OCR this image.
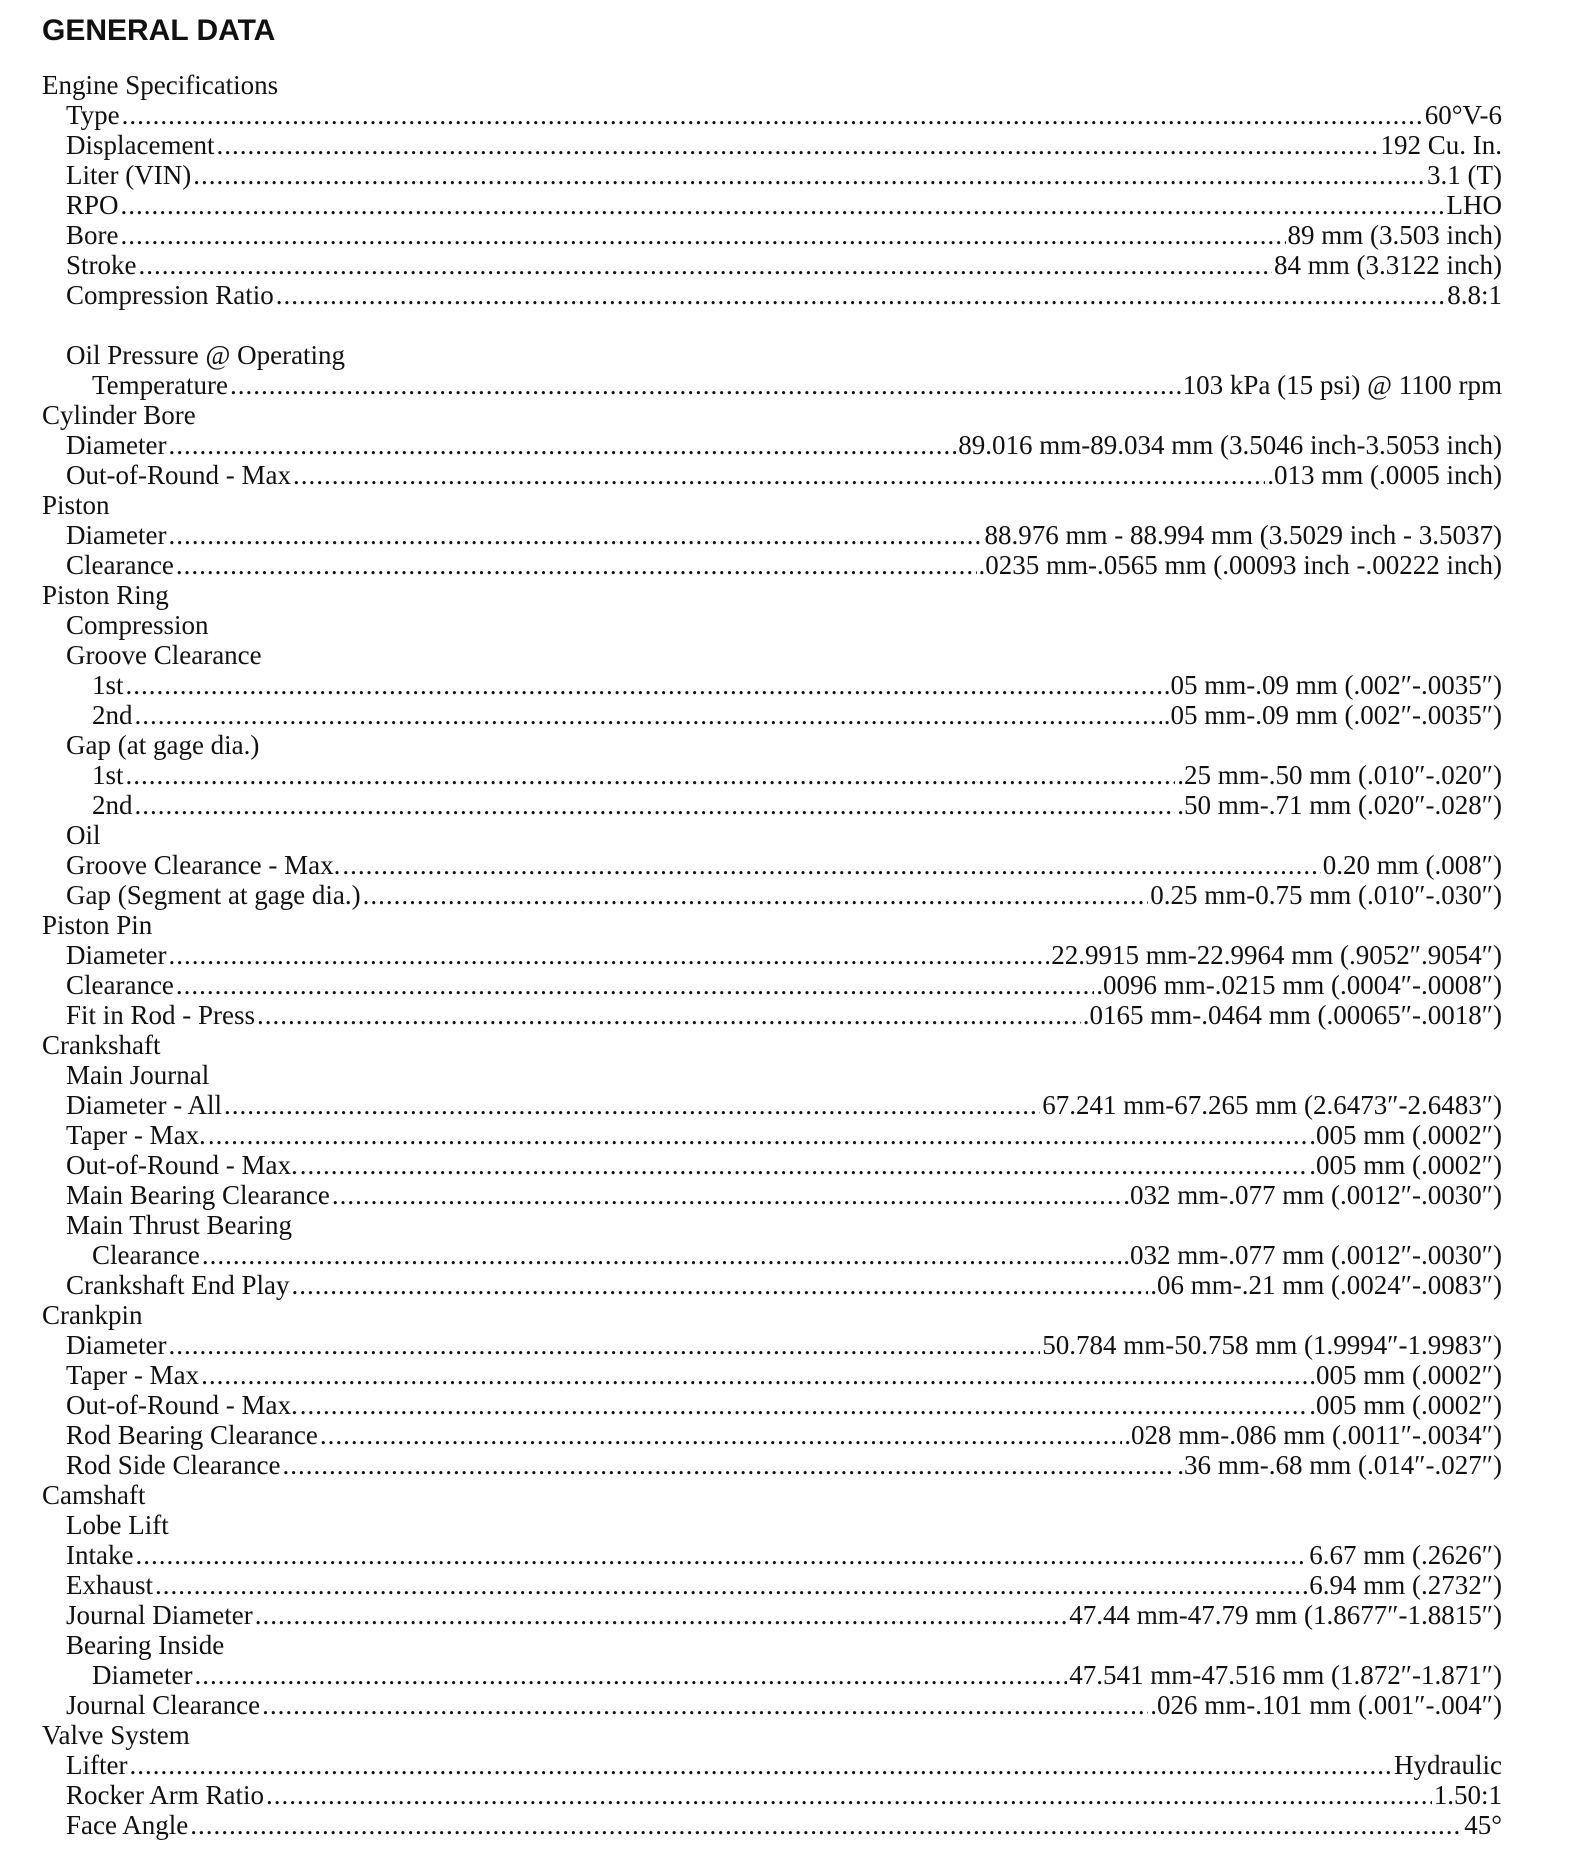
GENERAL DATA
Engine Specifications
Type .....	60°V-6
Displacement .....	192 Cu. In.
Liter (VIN) .....	3.1 (T)
RPO .....	LHO
Bore .....	89 mm (3.503 inch)
Stroke .....	84 mm (3.3122 inch)
Compression Ratio .....	8.8:1
Oil Pressure @ Operating
Temperature .....	103 kPa (15 psi) @ 1100 rpm
Cylinder Bore
Diameter .....	89.016 mm-89.034 mm (3.5046 inch-3.5053 inch)
Out-of-Round - Max .....	.013 mm (.0005 inch)
Piston
Diameter .....	88.976 mm - 88.994 mm (3.5029 inch - 3.5037)
Clearance .....	.0235 mm-.0565 mm (.00093 inch -.00222 inch)
Piston Ring
Compression
Groove Clearance
1st .....	.05 mm-.09 mm (.002″-.0035″)
2nd .....	.05 mm-.09 mm (.002″-.0035″)
Gap (at gage dia.)
1st .....	.25 mm-.50 mm (.010″-.020″)
2nd .....	.50 mm-.71 mm (.020″-.028″)
Oil
Groove Clearance - Max. .....	0.20 mm (.008″)
Gap (Segment at gage dia.) .....	0.25 mm-0.75 mm (.010″-.030″)
Piston Pin
Diameter .....	22.9915 mm-22.9964 mm (.9052″.9054″)
Clearance .....	.0096 mm-.0215 mm (.0004″-.0008″)
Fit in Rod - Press .....	.0165 mm-.0464 mm (.00065″-.0018″)
Crankshaft
Main Journal
Diameter - All .....	67.241 mm-67.265 mm (2.6473″-2.6483″)
Taper - Max. .....	.005 mm (.0002″)
Out-of-Round - Max. .....	.005 mm (.0002″)
Main Bearing Clearance .....	.032 mm-.077 mm (.0012″-.0030″)
Main Thrust Bearing
Clearance .....	.032 mm-.077 mm (.0012″-.0030″)
Crankshaft End Play .....	.06 mm-.21 mm (.0024″-.0083″)
Crankpin
Diameter .....	50.784 mm-50.758 mm (1.9994″-1.9983″)
Taper - Max .....	.005 mm (.0002″)
Out-of-Round - Max. .....	.005 mm (.0002″)
Rod Bearing Clearance .....	.028 mm-.086 mm (.0011″-.0034″)
Rod Side Clearance .....	.36 mm-.68 mm (.014″-.027″)
Camshaft
Lobe Lift
Intake .....	6.67 mm (.2626″)
Exhaust .....	6.94 mm (.2732″)
Journal Diameter .....	47.44 mm-47.79 mm (1.8677″-1.8815″)
Bearing Inside
Diameter .....	47.541 mm-47.516 mm (1.872″-1.871″)
Journal Clearance .....	.026 mm-.101 mm (.001″-.004″)
Valve System
Lifter .....	Hydraulic
Rocker Arm Ratio .....	1.50:1
Face Angle .....	45°
